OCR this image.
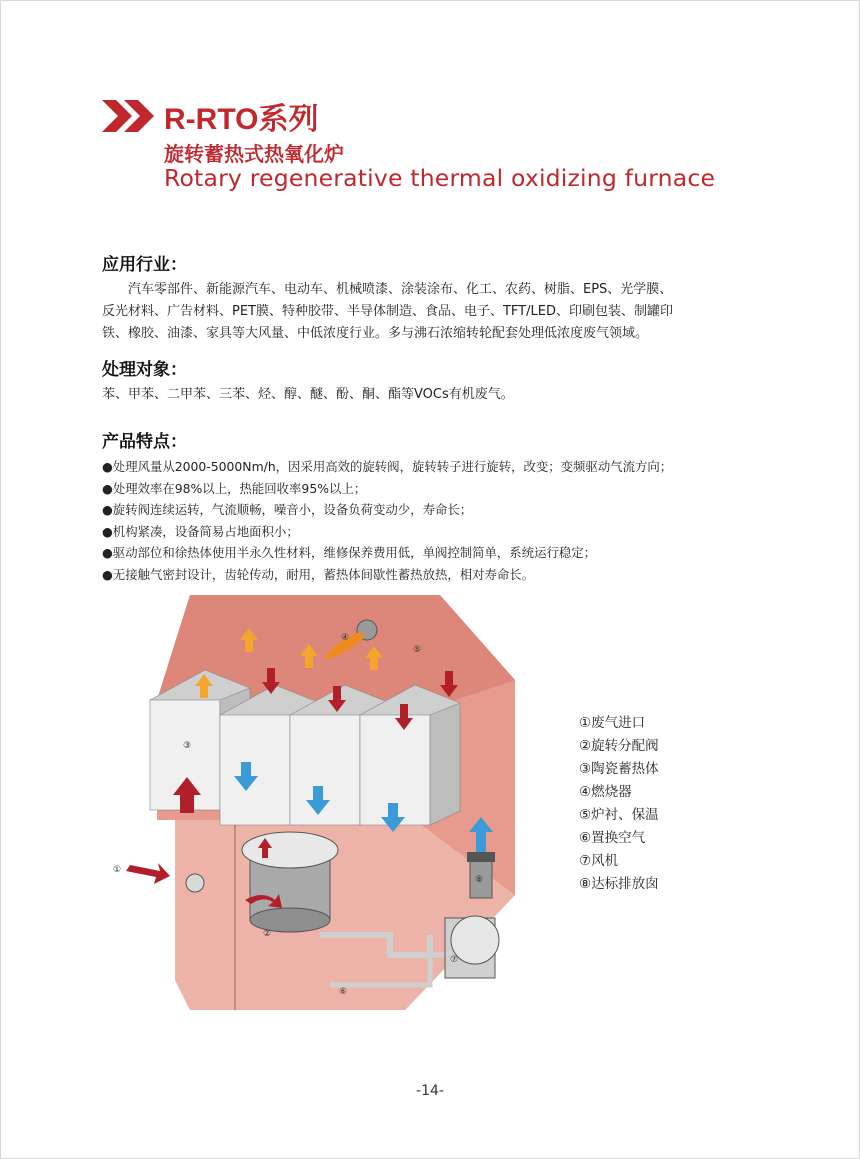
R-RTO系列
旋转蓄热式热氧化炉
Rotary regenerative thermal oxidizing furnace
应用行业：
汽车零部件、新能源汽车、电动车、机械喷漆、涂装涂布、化工、农药、树脂、EPS、光学膜、
反光材料、广告材料、PET膜、特种胶带、半导体制造、食品、电子、TFT/LED、印刷包装、制罐印
铁、橡胶、油漆、家具等大风量、中低浓度行业。多与沸石浓缩转轮配套处理低浓度废气领域。
处理对象：
苯、甲苯、二甲苯、三苯、烃、醇、醚、酚、酮、酯等VOCs有机废气。
产品特点：
●处理风量从2000-5000Nm/h，因采用高效的旋转阀，旋转转子进行旋转，改变；变频驱动气流方向；
●处理效率在98%以上，热能回收率95%以上；
●旋转阀连续运转，气流顺畅，噪音小，设备负荷变动少，寿命长；
●机构紧凑，设备简易占地面积小；
●驱动部位和徐热体使用半永久性材料，维修保养费用低，单阀控制简单，系统运行稳定；
●无接触气密封设计，齿轮传动，耐用，蓄热体间歇性蓄热放热，相对寿命长。
①
②
③
④
⑤
⑥
⑦
⑧
①废气进口
②旋转分配阀
③陶瓷蓄热体
④燃烧器
⑤炉衬、保温
⑥置换空气
⑦风机
⑧达标排放囱
-14-
